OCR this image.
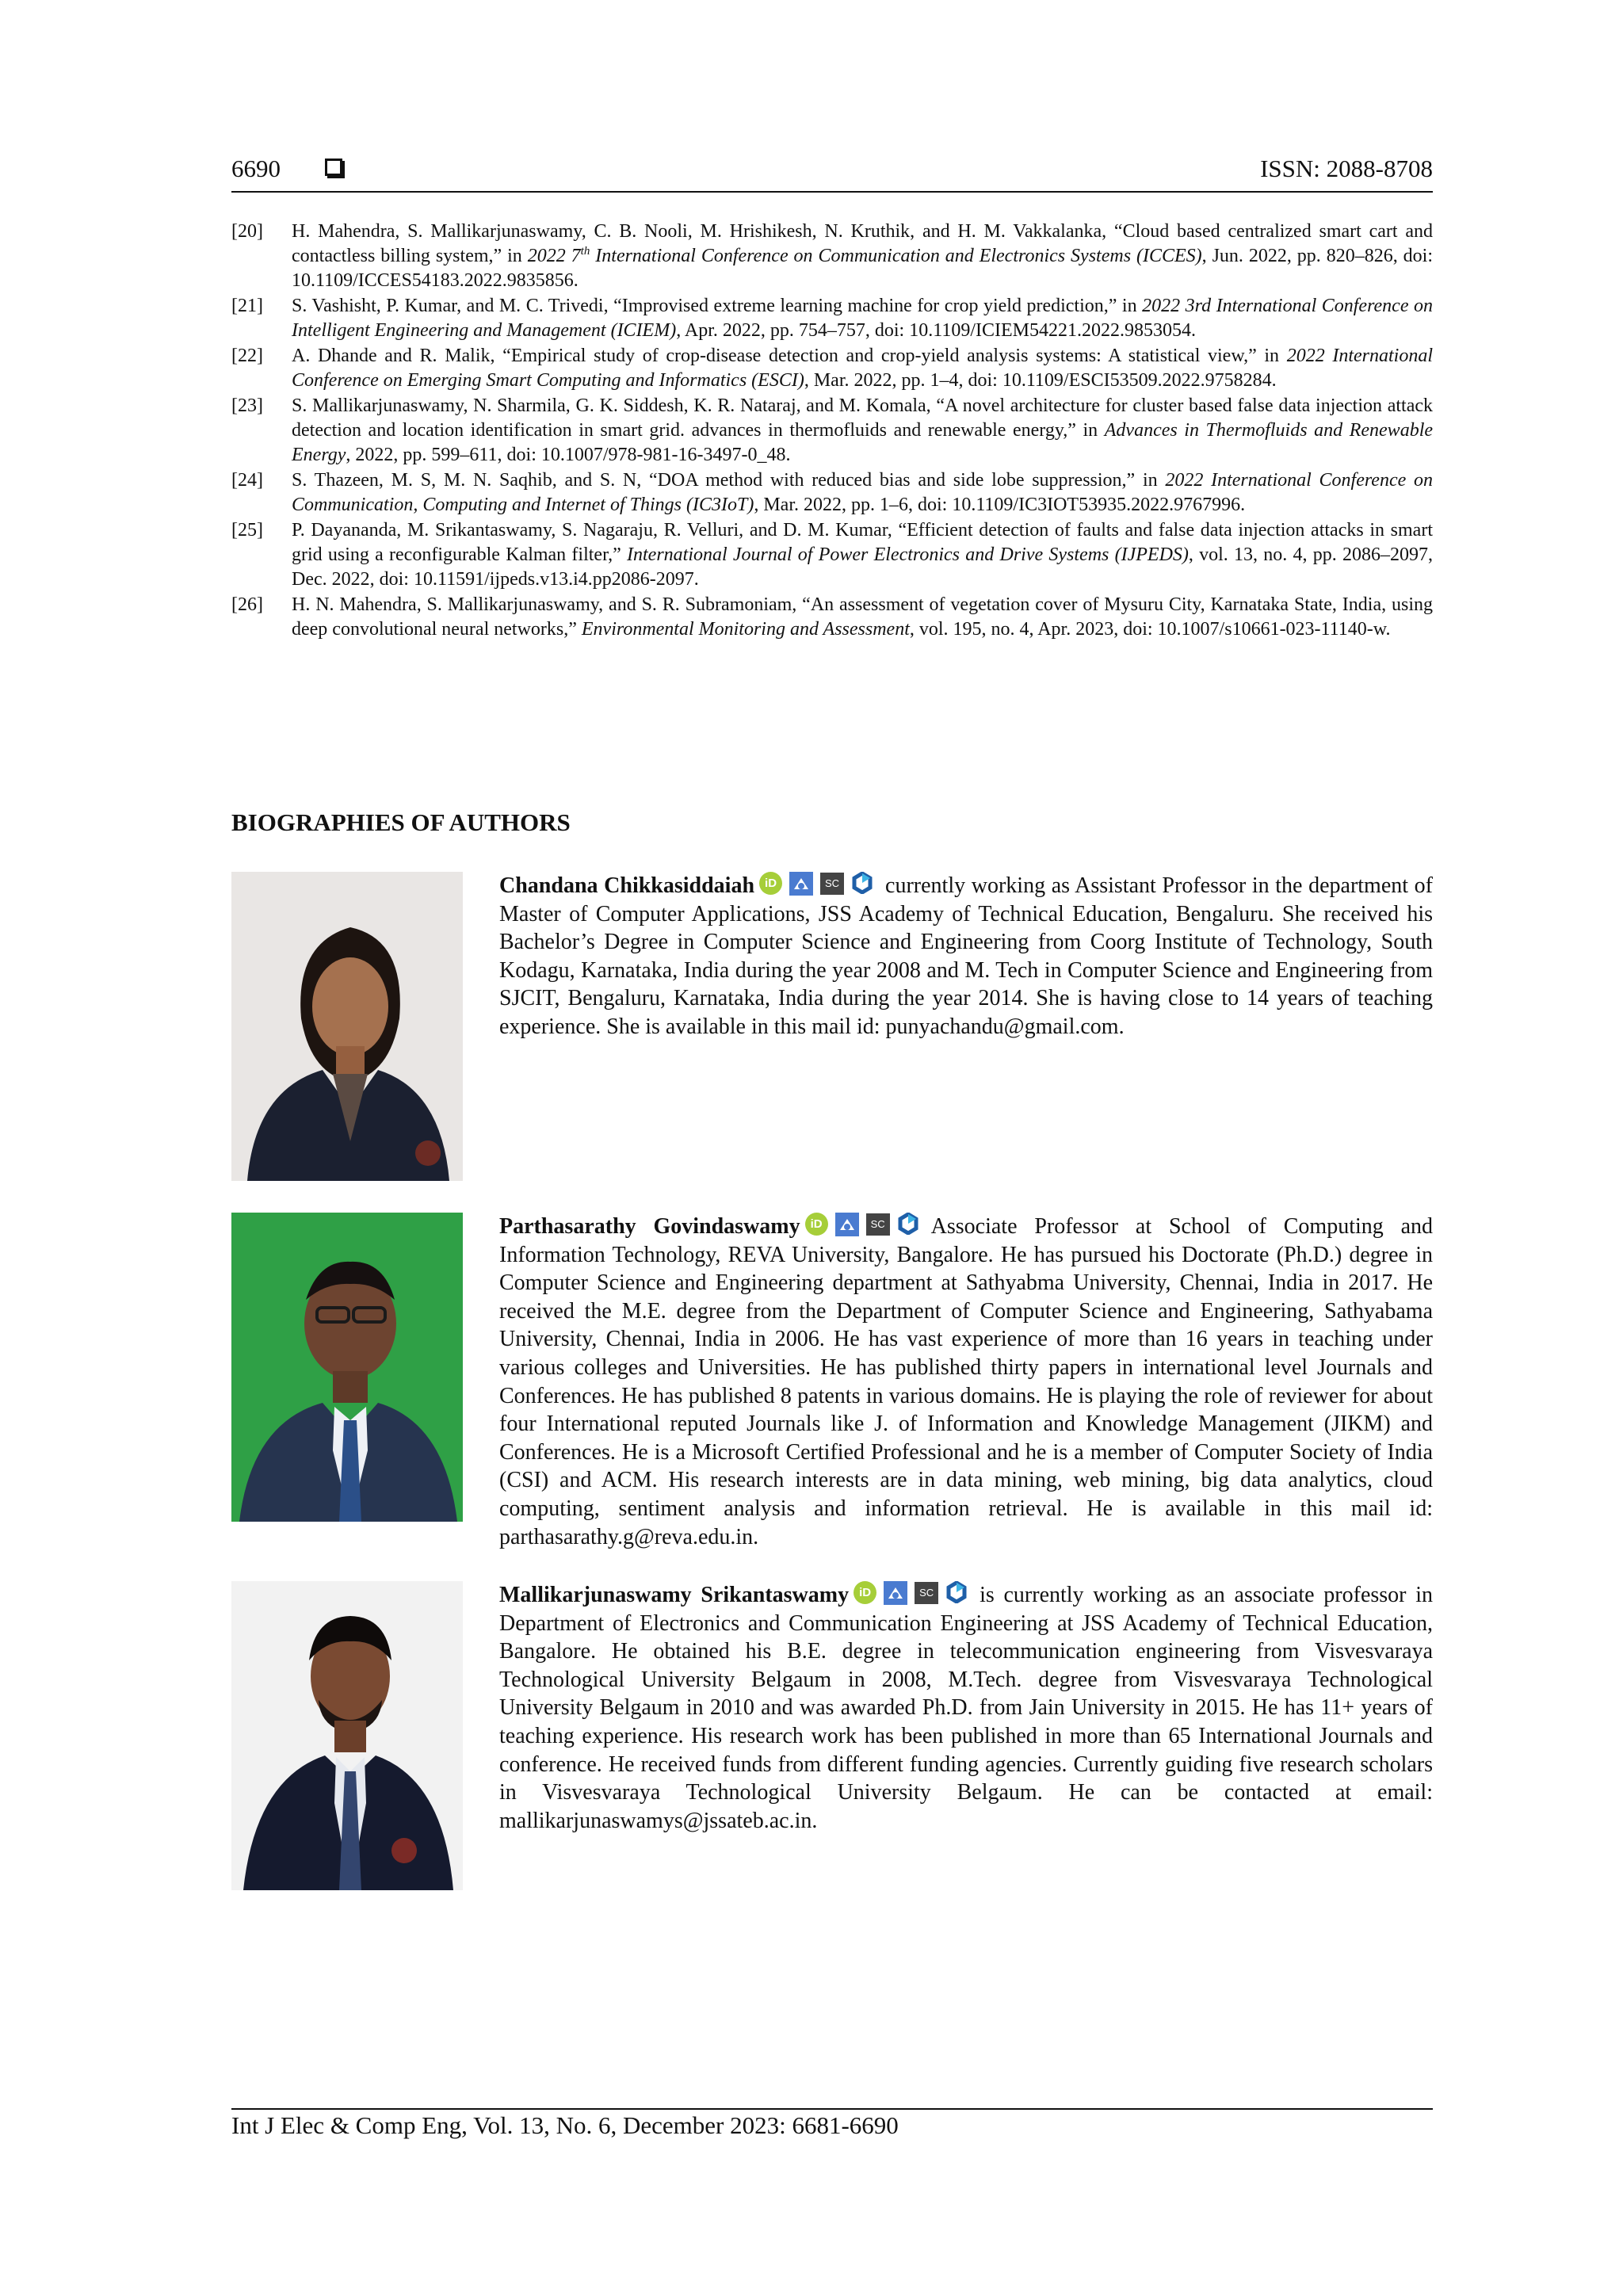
6690	ISSN: 2088-8708
[20] H. Mahendra, S. Mallikarjunaswamy, C. B. Nooli, M. Hrishikesh, N. Kruthik, and H. M. Vakkalanka, “Cloud based centralized smart cart and contactless billing system,” in 2022 7th International Conference on Communication and Electronics Systems (ICCES), Jun. 2022, pp. 820–826, doi: 10.1109/ICCES54183.2022.9835856.
[21] S. Vashisht, P. Kumar, and M. C. Trivedi, “Improvised extreme learning machine for crop yield prediction,” in 2022 3rd International Conference on Intelligent Engineering and Management (ICIEM), Apr. 2022, pp. 754–757, doi: 10.1109/ICIEM54221.2022.9853054.
[22] A. Dhande and R. Malik, “Empirical study of crop-disease detection and crop-yield analysis systems: A statistical view,” in 2022 International Conference on Emerging Smart Computing and Informatics (ESCI), Mar. 2022, pp. 1–4, doi: 10.1109/ESCI53509.2022.9758284.
[23] S. Mallikarjunaswamy, N. Sharmila, G. K. Siddesh, K. R. Nataraj, and M. Komala, “A novel architecture for cluster based false data injection attack detection and location identification in smart grid. advances in thermofluids and renewable energy,” in Advances in Thermofluids and Renewable Energy, 2022, pp. 599–611, doi: 10.1007/978-981-16-3497-0_48.
[24] S. Thazeen, M. S, M. N. Saqhib, and S. N, “DOA method with reduced bias and side lobe suppression,” in 2022 International Conference on Communication, Computing and Internet of Things (IC3IoT), Mar. 2022, pp. 1–6, doi: 10.1109/IC3IOT53935.2022.9767996.
[25] P. Dayananda, M. Srikantaswamy, S. Nagaraju, R. Velluri, and D. M. Kumar, “Efficient detection of faults and false data injection attacks in smart grid using a reconfigurable Kalman filter,” International Journal of Power Electronics and Drive Systems (IJPEDS), vol. 13, no. 4, pp. 2086–2097, Dec. 2022, doi: 10.11591/ijpeds.v13.i4.pp2086-2097.
[26] H. N. Mahendra, S. Mallikarjunaswamy, and S. R. Subramoniam, “An assessment of vegetation cover of Mysuru City, Karnataka State, India, using deep convolutional neural networks,” Environmental Monitoring and Assessment, vol. 195, no. 4, Apr. 2023, doi: 10.1007/s10661-023-11140-w.
BIOGRAPHIES OF AUTHORS
Chandana Chikkasiddaiah iD	SC currently working as Assistant Professor in the department of Master of Computer Applications, JSS Academy of Technical Education, Bengaluru. She received his Bachelor’s Degree in Computer Science and Engineering from Coorg Institute of Technology, South Kodagu, Karnataka, India during the year 2008 and M. Tech in Computer Science and Engineering from SJCIT, Bengaluru, Karnataka, India during the year 2014. She is having close to 14 years of teaching experience. She is available in this mail id: punyachandu@gmail.com.
Parthasarathy Govindaswamy iD	SC Associate Professor at School of Computing and Information Technology, REVA University, Bangalore. He has pursued his Doctorate (Ph.D.) degree in Computer Science and Engineering department at Sathyabma University, Chennai, India in 2017. He received the M.E. degree from the Department of Computer Science and Engineering, Sathyabama University, Chennai, India in 2006. He has vast experience of more than 16 years in teaching under various colleges and Universities. He has published thirty papers in international level Journals and Conferences. He has published 8 patents in various domains. He is playing the role of reviewer for about four International reputed Journals like J. of Information and Knowledge Management (JIKM) and Conferences. He is a Microsoft Certified Professional and he is a member of Computer Society of India (CSI) and ACM. His research interests are in data mining, web mining, big data analytics, cloud computing, sentiment analysis and information retrieval. He is available in this mail id: parthasarathy.g@reva.edu.in.
Mallikarjunaswamy Srikantaswamy iD	SC is currently working as an associate professor in Department of Electronics and Communication Engineering at JSS Academy of Technical Education, Bangalore. He obtained his B.E. degree in telecommunication engineering from Visvesvaraya Technological University Belgaum in 2008, M.Tech. degree from Visvesvaraya Technological University Belgaum in 2010 and was awarded Ph.D. from Jain University in 2015. He has 11+ years of teaching experience. His research work has been published in more than 65 International Journals and conference. He received funds from different funding agencies. Currently guiding five research scholars in Visvesvaraya Technological University Belgaum. He can be contacted at email: mallikarjunaswamys@jssateb.ac.in.
Int J Elec & Comp Eng, Vol. 13, No. 6, December 2023: 6681-6690
